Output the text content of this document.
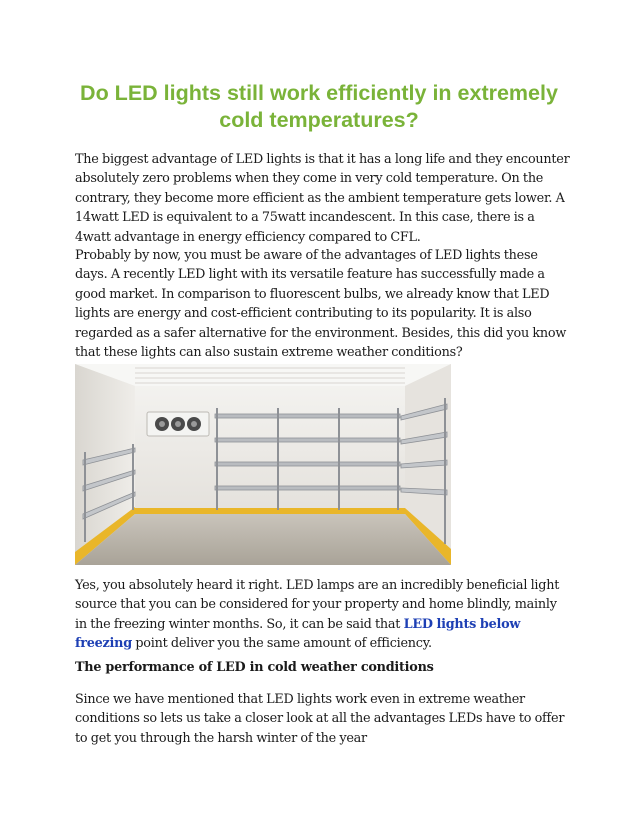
Do LED lights still work efficiently in extremely cold temperatures?

The biggest advantage of LED lights is that it has a long life and they encounter absolutely zero problems when they come in very cold temperature. On the contrary, they become more efficient as the ambient temperature gets lower. A 14watt LED is equivalent to a 75watt incandescent. In this case, there is a 4watt advantage in energy efficiency compared to CFL.

Probably by now, you must be aware of the advantages of LED lights these days. A recently LED light with its versatile feature has successfully made a good market. In comparison to fluorescent bulbs, we already know that LED lights are energy and cost-efficient contributing to its popularity. It is also regarded as a safer alternative for the environment. Besides, this did you know that these lights can also sustain extreme weather conditions?

Yes, you absolutely heard it right. LED lamps are an incredibly beneficial light source that you can be considered for your property and home blindly, mainly in the freezing winter months. So, it can be said that LED lights below freezing point deliver you the same amount of efficiency.

The performance of LED in cold weather conditions

Since we have mentioned that LED lights work even in extreme weather conditions so lets us take a closer look at all the advantages LEDs have to offer to get you through the harsh winter of the year
